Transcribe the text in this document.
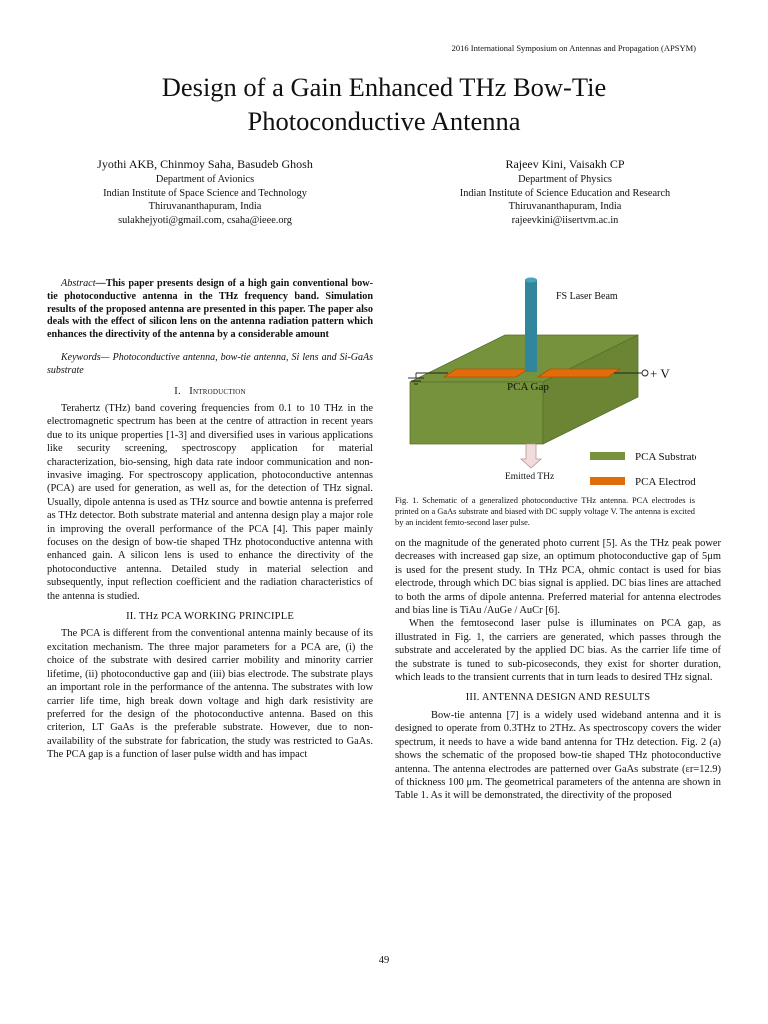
2016 International Symposium on Antennas and Propagation (APSYM)
Design of a Gain Enhanced THz Bow-Tie
Photoconductive Antenna
Jyothi AKB, Chinmoy Saha, Basudeb Ghosh
Department of Avionics
Indian Institute of Space Science and Technology
Thiruvananthapuram, India
sulakhejyoti@gmail.com, csaha@ieee.org
Rajeev Kini, Vaisakh CP
Department of Physics
Indian Institute of Science Education and Research
Thiruvananthapuram, India
rajeevkini@iisertvm.ac.in

Abstract—This paper presents design of a high gain conventional bow-tie photoconductive antenna in the THz frequency band. Simulation results of the proposed antenna are presented in this paper. The paper also deals with the effect of silicon lens on the antenna radiation pattern which enhances the directivity of the antenna by a considerable amount

Keywords— Photoconductive antenna, bow-tie antenna, Si lens and Si-GaAs substrate

I. Introduction

Terahertz (THz) band covering frequencies from 0.1 to 10 THz in the electromagnetic spectrum has been at the centre of attraction in recent years due to its unique properties [1-3] and diversified uses in various applications like security screening, spectroscopy application for material characterization, bio-sensing, high data rate indoor communication and non-invasive imaging. For spectroscopy application, photoconductive antennas (PCA) are used for generation, as well as, for the detection of THz signal. Usually, dipole antenna is used as THz source and bowtie antenna is preferred as THz detector. Both substrate material and antenna design play a major role in improving the overall performance of the PCA [4]. This paper mainly focuses on the design of bow-tie shaped THz photoconductive antenna with enhanced gain. A silicon lens is used to enhance the directivity of the photoconductive antenna. Detailed study in material selection and subsequently, input reflection coefficient and the radiation characteristics of the antenna is studied.

II. THz PCA WORKING PRINCIPLE

The PCA is different from the conventional antenna mainly because of its excitation mechanism. The three major parameters for a PCA are, (i) the choice of the substrate with desired carrier mobility and minority carrier lifetime, (ii) photoconductive gap and (iii) bias electrode. The substrate plays an important role in the performance of the antenna. The substrates with low carrier life time, high break down voltage and high dark resistivity are preferred for the design of the photoconductive antenna. Based on this criterion, LT GaAs is the preferable substrate. However, due to non-availability of the substrate for fabrication, the study was restricted to GaAs. The PCA gap is a function of laser pulse width and has impact

+ V
FS Laser Beam
PCA Gap
Emitted THz
PCA Substrate
PCA Electrode
Fig. 1. Schematic of a generalized photoconductive THz antenna. PCA electrodes is printed on a GaAs substrate and biased with DC supply voltage V. The antenna is excited by an incident femto-second laser pulse.

on the magnitude of the generated photo current [5]. As the THz peak power decreases with increased gap size, an optimum photoconductive gap of 5μm is used for the present study. In THz PCA, ohmic contact is used for bias electrode, through which DC bias signal is applied. DC bias lines are attached to both the arms of dipole antenna. Preferred material for antenna electrodes and bias line is TiAu /AuGe / AuCr [6].

When the femtosecond laser pulse is illuminates on PCA gap, as illustrated in Fig. 1, the carriers are generated, which passes through the substrate and accelerated by the applied DC bias. As the carrier life time of the substrate is tuned to sub-picoseconds, they exist for shorter duration, which leads to the transient currents that in turn leads to desired THz signal.

III. ANTENNA DESIGN AND RESULTS

Bow-tie antenna [7] is a widely used wideband antenna and it is designed to operate from 0.3THz to 2THz. As spectroscopy covers the wider spectrum, it needs to have a wide band antenna for THz detection. Fig. 2 (a) shows the schematic of the proposed bow-tie shaped THz photoconductive antenna. The antenna electrodes are patterned over GaAs substrate (εr=12.9) of thickness 100 μm. The geometrical parameters of the antenna are shown in Table 1. As it will be demonstrated, the directivity of the proposed

49
